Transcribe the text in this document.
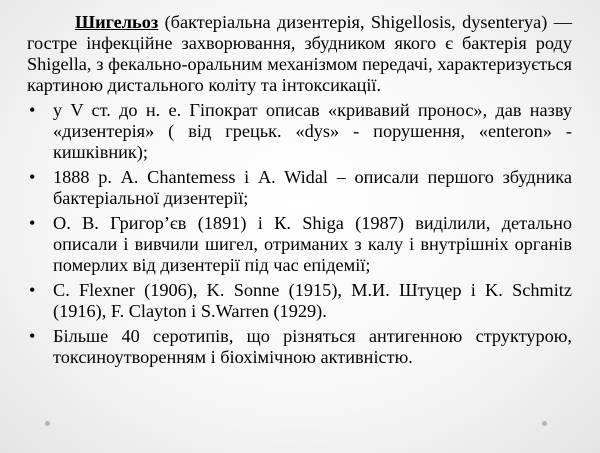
Шигельоз (бактеріальна дизентерія, Shigellosis, dysenterya) — гостре інфекційне захворювання, збудником якого є бактерія роду Shigella, з фекально-оральним механізмом передачі, характеризується картиною дистального коліту та інтоксикації.

• у V ст. до н. е. Гіпократ описав «кривавий пронос», дав назву «дизентерія» ( від грецьк. «dys» - порушення, «enteron» - кишківник);
• 1888 р. A. Chantemess і A. Widal – описали першого збудника бактеріальної дизентерії;
• О. В. Григор’єв (1891) і К. Shiga (1987) виділили, детально описали і вивчили шигел, отриманих з калу і внутрішніх органів померлих від дизентерії під час епідемії;
• С. Flexner (1906), K. Sonne (1915), М.И. Штуцер і K. Schmitz (1916), F. Clayton і S.Warren (1929).
• Більше 40 серотипів, що різняться антигенною структурою, токсиноутворенням і біохімічною активністю.
